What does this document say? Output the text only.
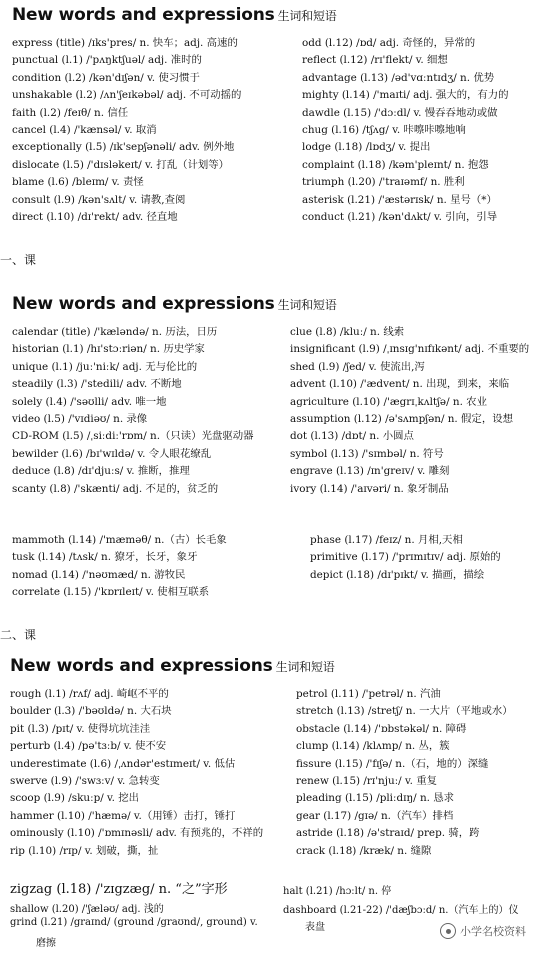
New words and expressions 生词和短语
express (title) /ɪks'pres/ n. 快车；adj. 高速的
punctual (l.1) /'pʌŋktʃuəl/ adj. 准时的
condition (l.2) /kən'dɪʃən/ v. 使习惯于
unshakable (l.2) /ʌn'ʃeɪkəbəl/ adj. 不可动摇的
faith (l.2) /feɪθ/ n. 信任
cancel (l.4) /'kænsəl/ v. 取消
exceptionally (l.5) /ɪk'sepʃənəli/ adv. 例外地
dislocate (l.5) /'dɪsləkeɪt/ v. 打乱（计划等）
blame (l.6) /bleɪm/ v. 责怪
consult (l.9) /kən'sʌlt/ v. 请教,查阅
direct (l.10) /dɪ'rekt/ adv. 径直地
odd (l.12) /ɒd/ adj. 奇怪的，异常的
reflect (l.12) /rɪ'flekt/ v. 细想
advantage (l.13) /əd'vɑːntɪdʒ/ n. 优势
mighty (l.14) /'maɪti/ adj. 强大的，有力的
dawdle (l.15) /'dɔːdl/ v. 慢吞吞地动或做
chug (l.16) /tʃʌg/ v. 咔嚓咔嚓地响
lodge (l.18) /lɒdʒ/ v. 提出
complaint (l.18) /kəm'pleɪnt/ n. 抱怨
triumph (l.20) /'traɪəmf/ n. 胜利
asterisk (l.21) /'æstərɪsk/ n. 星号（*）
conduct (l.21) /kən'dʌkt/ v. 引向，引导
一、课
New words and expressions 生词和短语
calendar (title) /'kæləndə/ n. 历法，日历
historian (l.1) /hɪ'stɔːriən/ n. 历史学家
unique (l.1) /juː'niːk/ adj. 无与伦比的
steadily (l.3) /'stedili/ adv. 不断地
solely (l.4) /'səʊlli/ adv. 唯一地
video (l.5) /'vɪdiəʊ/ n. 录像
CD-ROM (l.5) /ˌsiːdiː'rɒm/ n.（只读）光盘驱动器
bewilder (l.6) /bɪ'wɪldə/ v. 令人眼花缭乱
deduce (l.8) /dɪ'djuːs/ v. 推断，推理
scanty (l.8) /'skænti/ adj. 不足的，贫乏的
clue (l.8) /kluː/ n. 线索
insignificant (l.9) /ˌɪnsɪg'nɪfɪkənt/ adj. 不重要的
shed (l.9) /ʃed/ v. 使流出,泻
advent (l.10) /'ædvent/ n. 出现，到来，来临
agriculture (l.10) /'ægrɪˌkʌltʃə/ n. 农业
assumption (l.12) /ə'sʌmpʃən/ n. 假定，设想
dot (l.13) /dɒt/ n. 小圆点
symbol (l.13) /'sɪmbəl/ n. 符号
engrave (l.13) /ɪn'greɪv/ v. 雕刻
ivory (l.14) /'aɪvəri/ n. 象牙制品
mammoth (l.14) /'mæməθ/ n.（古）长毛象
tusk (l.14) /tʌsk/ n. 獠牙，长牙，象牙
nomad (l.14) /'nəʊmæd/ n. 游牧民
correlate (l.15) /'kɒrɪleɪt/ v. 使相互联系
phase (l.17) /feɪz/ n. 月相,天相
primitive (l.17) /'prɪmɪtɪv/ adj. 原始的
depict (l.18) /dɪ'pɪkt/ v. 描画，描绘
二、课
New words and expressions 生词和短语
rough (l.1) /rʌf/ adj. 崎岖不平的
boulder (l.3) /'bəʊldə/ n. 大石块
pit (l.3) /pɪt/ v. 使得坑坑洼洼
perturb (l.4) /pə'tɜːb/ v. 使不安
underestimate (l.6) /ˌʌndər'estɪmeɪt/ v. 低估
swerve (l.9) /'swɜːv/ v. 急转变
scoop (l.9) /skuːp/ v. 挖出
hammer (l.10) /'hæmə/ v.（用锤）击打，锤打
ominously (l.10) /'ɒmɪnəsli/ adv. 有预兆的，不祥的
rip (l.10) /rɪp/ v. 划破，撕，扯
petrol (l.11) /'petrəl/ n. 汽油
stretch (l.13) /stretʃ/ n. 一大片（平地或水）
obstacle (l.14) /'ɒbstəkəl/ n. 障碍
clump (l.14) /klʌmp/ n. 丛，簇
fissure (l.15) /'fɪʃə/ n.（石，地的）深缝
renew (l.15) /rɪ'njuː/ v. 重复
pleading (l.15) /pliːdɪŋ/ n. 恳求
gear (l.17) /gɪə/ n.（汽车）排档
astride (l.18) /ə'straɪd/ prep. 骑，跨
crack (l.18) /kræk/ n. 缝隙
zigzag (l.18) /'zɪgzæg/ n. “之”字形
shallow (l.20) /'ʃæləʊ/ adj. 浅的
grind (l.21) /graɪnd/ (ground /graʊnd/, ground) v.
磨擦
halt (l.21) /hɔːlt/ n. 停
dashboard (l.21-22) /'dæʃbɔːd/ n.（汽车上的）仪
表盘	小学名校资料
